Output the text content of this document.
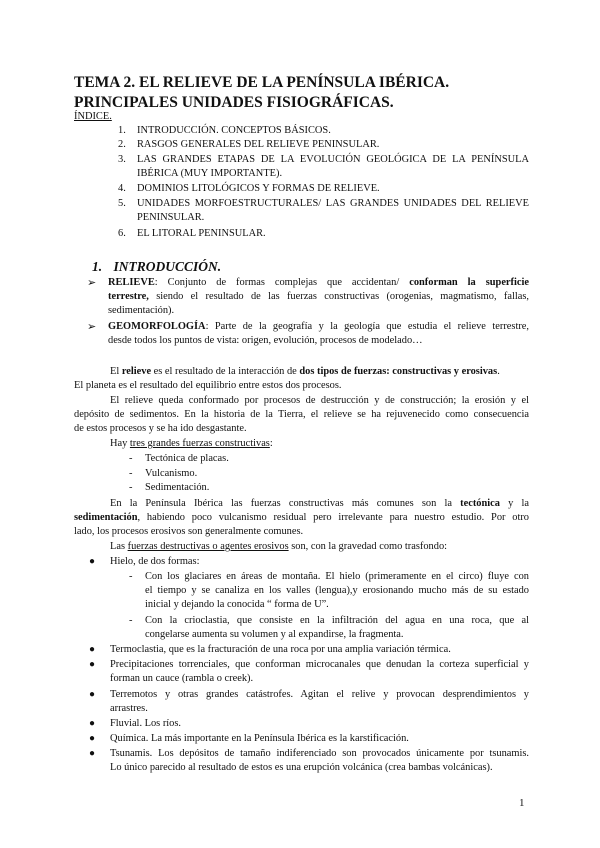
TEMA 2. EL RELIEVE DE LA PENÍNSULA IBÉRICA. PRINCIPALES UNIDADES FISIOGRÁFICAS.
ÍNDICE.
1. INTRODUCCIÓN. CONCEPTOS BÁSICOS.
2. RASGOS GENERALES DEL RELIEVE PENINSULAR.
3. LAS GRANDES ETAPAS DE LA EVOLUCIÓN GEOLÓGICA DE LA PENÍNSULA
IBÉRICA (MUY IMPORTANTE).
4. DOMINIOS LITOLÓGICOS Y FORMAS DE RELIEVE.
5. UNIDADES MORFOESTRUCTURALES/ LAS GRANDES UNIDADES DEL RELIEVE
PENINSULAR.
6. EL LITORAL PENINSULAR.
1. INTRODUCCIÓN.
➢ RELIEVE: Conjunto de formas complejas que accidentan/ conforman la superficie
terrestre, siendo el resultado de las fuerzas constructivas (orogenias, magmatismo, fallas,
sedimentación).
➢ GEOMORFOLOGÍA: Parte de la geografía y la geología que estudia el relieve terrestre,
desde todos los puntos de vista: origen, evolución, procesos de modelado…
El relieve es el resultado de la interacción de dos tipos de fuerzas: constructivas y erosivas.
El planeta es el resultado del equilibrio entre estos dos procesos.
El relieve queda conformado por procesos de destrucción y de construcción; la erosión y el
depósito de sedimentos. En la historia de la Tierra, el relieve se ha rejuvenecido como consecuencia
de estos procesos y se ha ido desgastante.
Hay tres grandes fuerzas constructivas:
- Tectónica de placas.
- Vulcanismo.
- Sedimentación.
En la Península Ibérica las fuerzas constructivas más comunes son la tectónica y la
sedimentación, habiendo poco vulcanismo residual pero irrelevante para nuestro estudio. Por otro
lado, los procesos erosivos son generalmente comunes.
Las fuerzas destructivas o agentes erosivos son, con la gravedad como trasfondo:
● Hielo, de dos formas:
- Con los glaciares en áreas de montaña. El hielo (primeramente en el circo) fluye con
el tiempo y se canaliza en los valles (lengua),y erosionando mucho más de su estado
inicial y dejando la conocida “ forma de U”.
- Con la crioclastia, que consiste en la infiltración del agua en una roca, que al
congelarse aumenta su volumen y al expandirse, la fragmenta.
● Termoclastia, que es la fracturación de una roca por una amplia variación térmica.
● Precipitaciones torrenciales, que conforman microcanales que denudan la corteza superficial y
forman un cauce (rambla o creek).
● Terremotos y otras grandes catástrofes. Agitan el relive y provocan desprendimientos y
arrastres.
● Fluvial. Los ríos.
● Química. La más importante en la Península Ibérica es la karstificación.
● Tsunamis. Los depósitos de tamaño indiferenciado son provocados únicamente por tsunamis.
Lo único parecido al resultado de estos es una erupción volcánica (crea bambas volcánicas).
1
